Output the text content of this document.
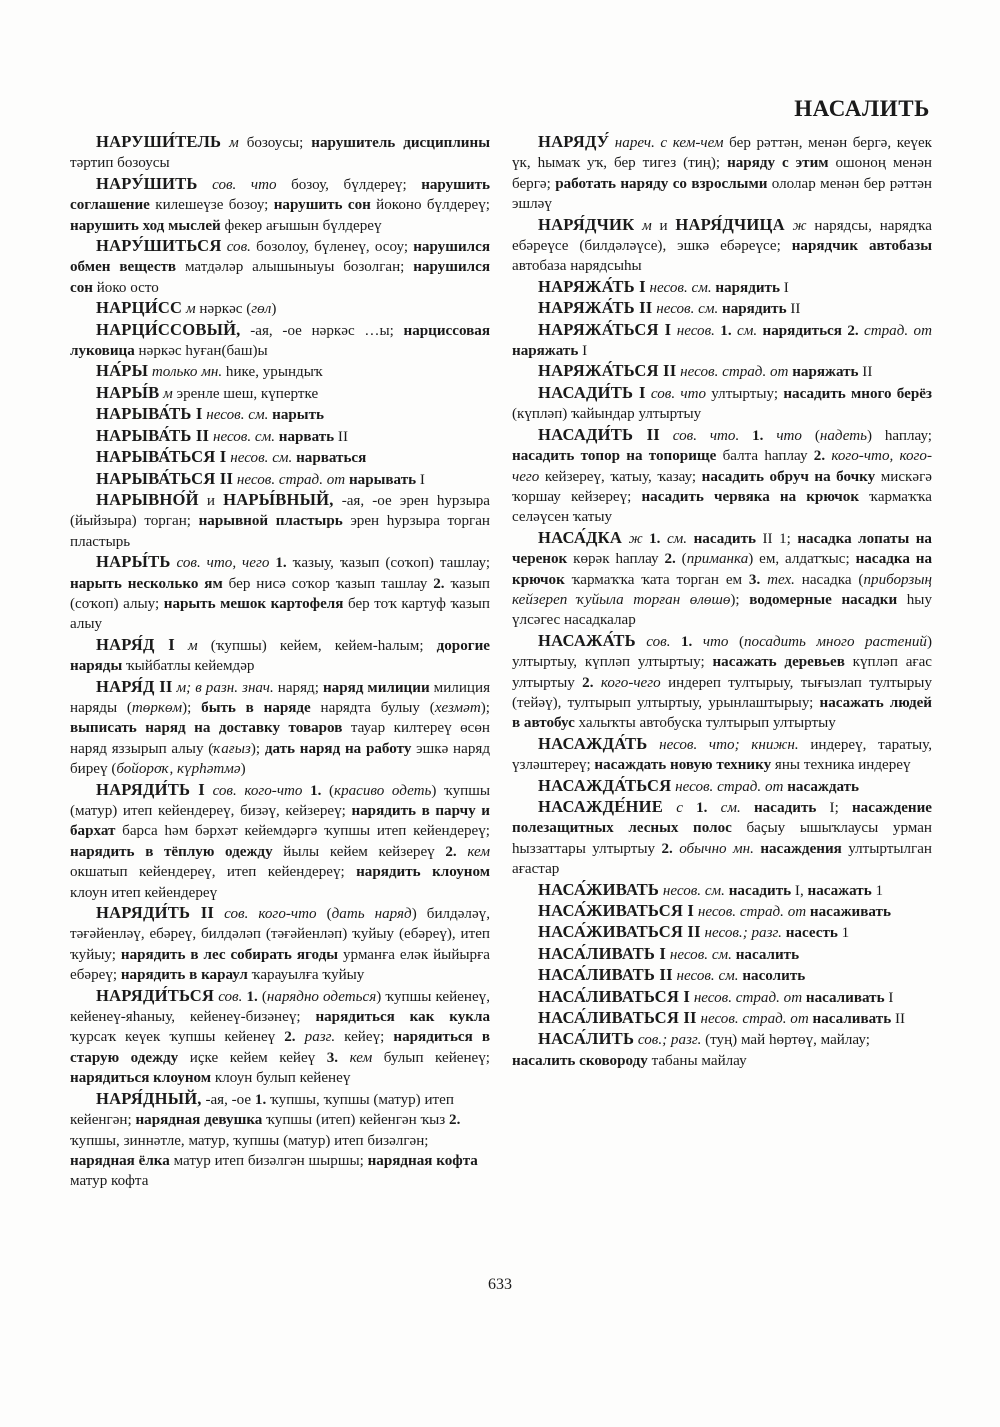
НАСАЛИТЬ

НАРУШИ́ТЕЛЬ м бозоусы; нарушитель дисциплины тәртип бозоусы

НАРУ́ШИТЬ сов. что бозоу, бүлдереү; нарушить соглашение килешеүзе бозоу; нарушить сон йоконо бүлдереү; нарушить ход мыслей фекер ағышын бүлдереү

НАРУ́ШИТЬСЯ сов. бозолоу, бүленеү, осоу; нарушился обмен веществ матдәләр алышыныуы бозолган; нарушился сон йоко осто

НАРЦИ́СС м нәркәс (гөл)

НАРЦИ́ССОВЫЙ, -ая, -ое нәркәс …ы; нарциссовая луковица нәркәс hуған(баш)ы

НА́РЫ только мн. hике, урындыҡ

НАРЫ́В м эренле шеш, күпертке

НАРЫВА́ТЬ I несов. см. нарыть

НАРЫВА́ТЬ II несов. см. нарвать II

НАРЫВА́ТЬСЯ I несов. см. нарваться

НАРЫВА́ТЬСЯ II несов. страд. от нарывать I

НАРЫВНО́Й и НАРЫ́ВНЫЙ, -ая, -ое эрен hурзыра (йыйзыра) торган; нарывной пластырь эрен hурзыра торган пластырь

НАРЫ́ТЬ сов. что, чего 1. ҡазыу, ҡазып (соҡоп) ташлау; нарыть несколько ям бер нисә соҡор ҡазып ташлау 2. ҡазып (соҡоп) алыу; нарыть мешок картофеля бер тоҡ картуф ҡазып алыу

НАРЯ́Д I м (ҡупшы) кейем, кейем-hалым; дорогие наряды ҡыйбатлы кейемдәр

НАРЯ́Д II м; в разн. знач. наряд; наряд милиции милиция наряды (төркөм); быть в наряде нарядта булыу (хезмәт); выписать наряд на доставку товаров тауар килтереү өсөн наряд яззырып алыу (ҡағыз); дать наряд на работу эшкә наряд биреү (бойороҡ, күрhәтмә)

НАРЯДИ́ТЬ I сов. кого-что 1. (красиво одеть) ҡупшы (матур) итеп кейендереү, бизәү, кейзереү; нарядить в парчу и бархат барса hәм бәрхәт кейемдәргә ҡупшы итеп кейендереү; нарядить в тёплую одежду йылы кейем кейзереү 2. кем окшатып кейендереү, итеп кейендереү; нарядить клоуном клоун итеп кейендереү

НАРЯДИ́ТЬ II сов. кого-что (дать наряд) билдәләү, тәғәйенләү, ебәреү, билдәләп (тәғәйенләп) ҡуйыу (ебәреү), итеп ҡуйыу; нарядить в лес собирать ягоды урманға еләк йыйырға ебәреү; нарядить в караул ҡарауылға ҡуйыу

НАРЯДИ́ТЬСЯ сов. 1. (нарядно одеться) ҡупшы кейенеү, кейенеү-яhаныу, кейенеү-бизәнеү; нарядиться как кукла ҡурсаҡ кеүек ҡупшы кейенеү 2. разг. кейеү; нарядиться в старую одежду иҫке кейем кейеү 3. кем булып кейенеү; нарядиться клоуном клоун булып кейенеү

НАРЯ́ДНЫЙ, -ая, -ое 1. ҡупшы, ҡупшы (матур) итеп кейенгән; нарядная девушка ҡупшы (итеп) кейенгән ҡыз 2. ҡупшы, зиннәтле, матур, ҡупшы (матур) итеп бизәлгән; нарядная ёлка матур итеп бизәлгән шыршы; нарядная кофта матур кофта

НАРЯДУ́ нареч. с кем-чем бер рәттән, менән бергә, кеүек үк, hымаҡ уҡ, бер тигез (тиң); наряду с этим ошоноң менән бергә; работать наряду со взрослыми ололар менән бер рәттән эшләү

НАРЯ́ДЧИК м и НАРЯ́ДЧИЦА ж нарядсы, нарядҡа ебәреүсе (билдәләүсе), эшкә ебәреүсе; нарядчик автобазы автобаза нарядсыhы

НАРЯЖА́ТЬ I несов. см. нарядить I

НАРЯЖА́ТЬ II несов. см. нарядить II

НАРЯЖА́ТЬСЯ I несов. 1. см. нарядиться 2. страд. от наряжать I

НАРЯЖА́ТЬСЯ II несов. страд. от наряжать II

НАСАДИ́ТЬ I сов. что ултыртыу; насадить много берёз (күпләп) ҡайындар ултыртыу

НАСАДИ́ТЬ II сов. что. 1. что (надеть) hаплау; насадить топор на топорище балта hаплау 2. кого-что, кого-чего кейзереү, ҡатыу, ҡазау; насадить обруч на бочку мискәгә ҡоршау кейзереү; насадить червяка на крючок ҡармаҡҡа селәүсен ҡатыу

НАСА́ДКА ж 1. см. насадить II 1; насадка лопаты на черенок көрәк hаплау 2. (приманка) ем, алдатҡыс; насадка на крючок ҡармаҡҡа ҡата торган ем 3. тех. насадка (приборзың кейзереп ҡуйыла торған өлөшө); водомерные насадки hыу үлсәгес насадкалар

НАСАЖА́ТЬ сов. 1. что (посадить много растений) ултыртыу, күпләп ултыртыу; насажать деревьев күпләп ағас ултыртыу 2. кого-чего индереп тултырыу, тығызлап тултырыу (тейәү), тултырып ултыртыу, урынлаштырыу; насажать людей в автобус халыҡты автобуска тултырып ултыртыу

НАСАЖДА́ТЬ несов. что; книжн. индереү, таратыу, үзләштереү; насаждать новую технику яны техника индереү

НАСАЖДА́ТЬСЯ несов. страд. от насаждать

НАСАЖДЕ́НИЕ с 1. см. насадить I; насаждение полезащитных лесных полос баҫыу ышыҡлаусы урман hыззаттары ултыртыу 2. обычно мн. насаждения ултыртылган ағастар

НАСА́ЖИВАТЬ несов. см. насадить I, насажать 1

НАСА́ЖИВАТЬСЯ I несов. страд. от насаживать

НАСА́ЖИВАТЬСЯ II несов.; разг. насесть 1

НАСА́ЛИВАТЬ I несов. см. насалить

НАСА́ЛИВАТЬ II несов. см. насолить

НАСА́ЛИВАТЬСЯ I несов. страд. от насаливать I

НАСА́ЛИВАТЬСЯ II несов. страд. от насаливать II

НАСА́ЛИТЬ сов.; разг. (туң) май hөртөү, майлау; насалить сковороду табаны майлау

633
